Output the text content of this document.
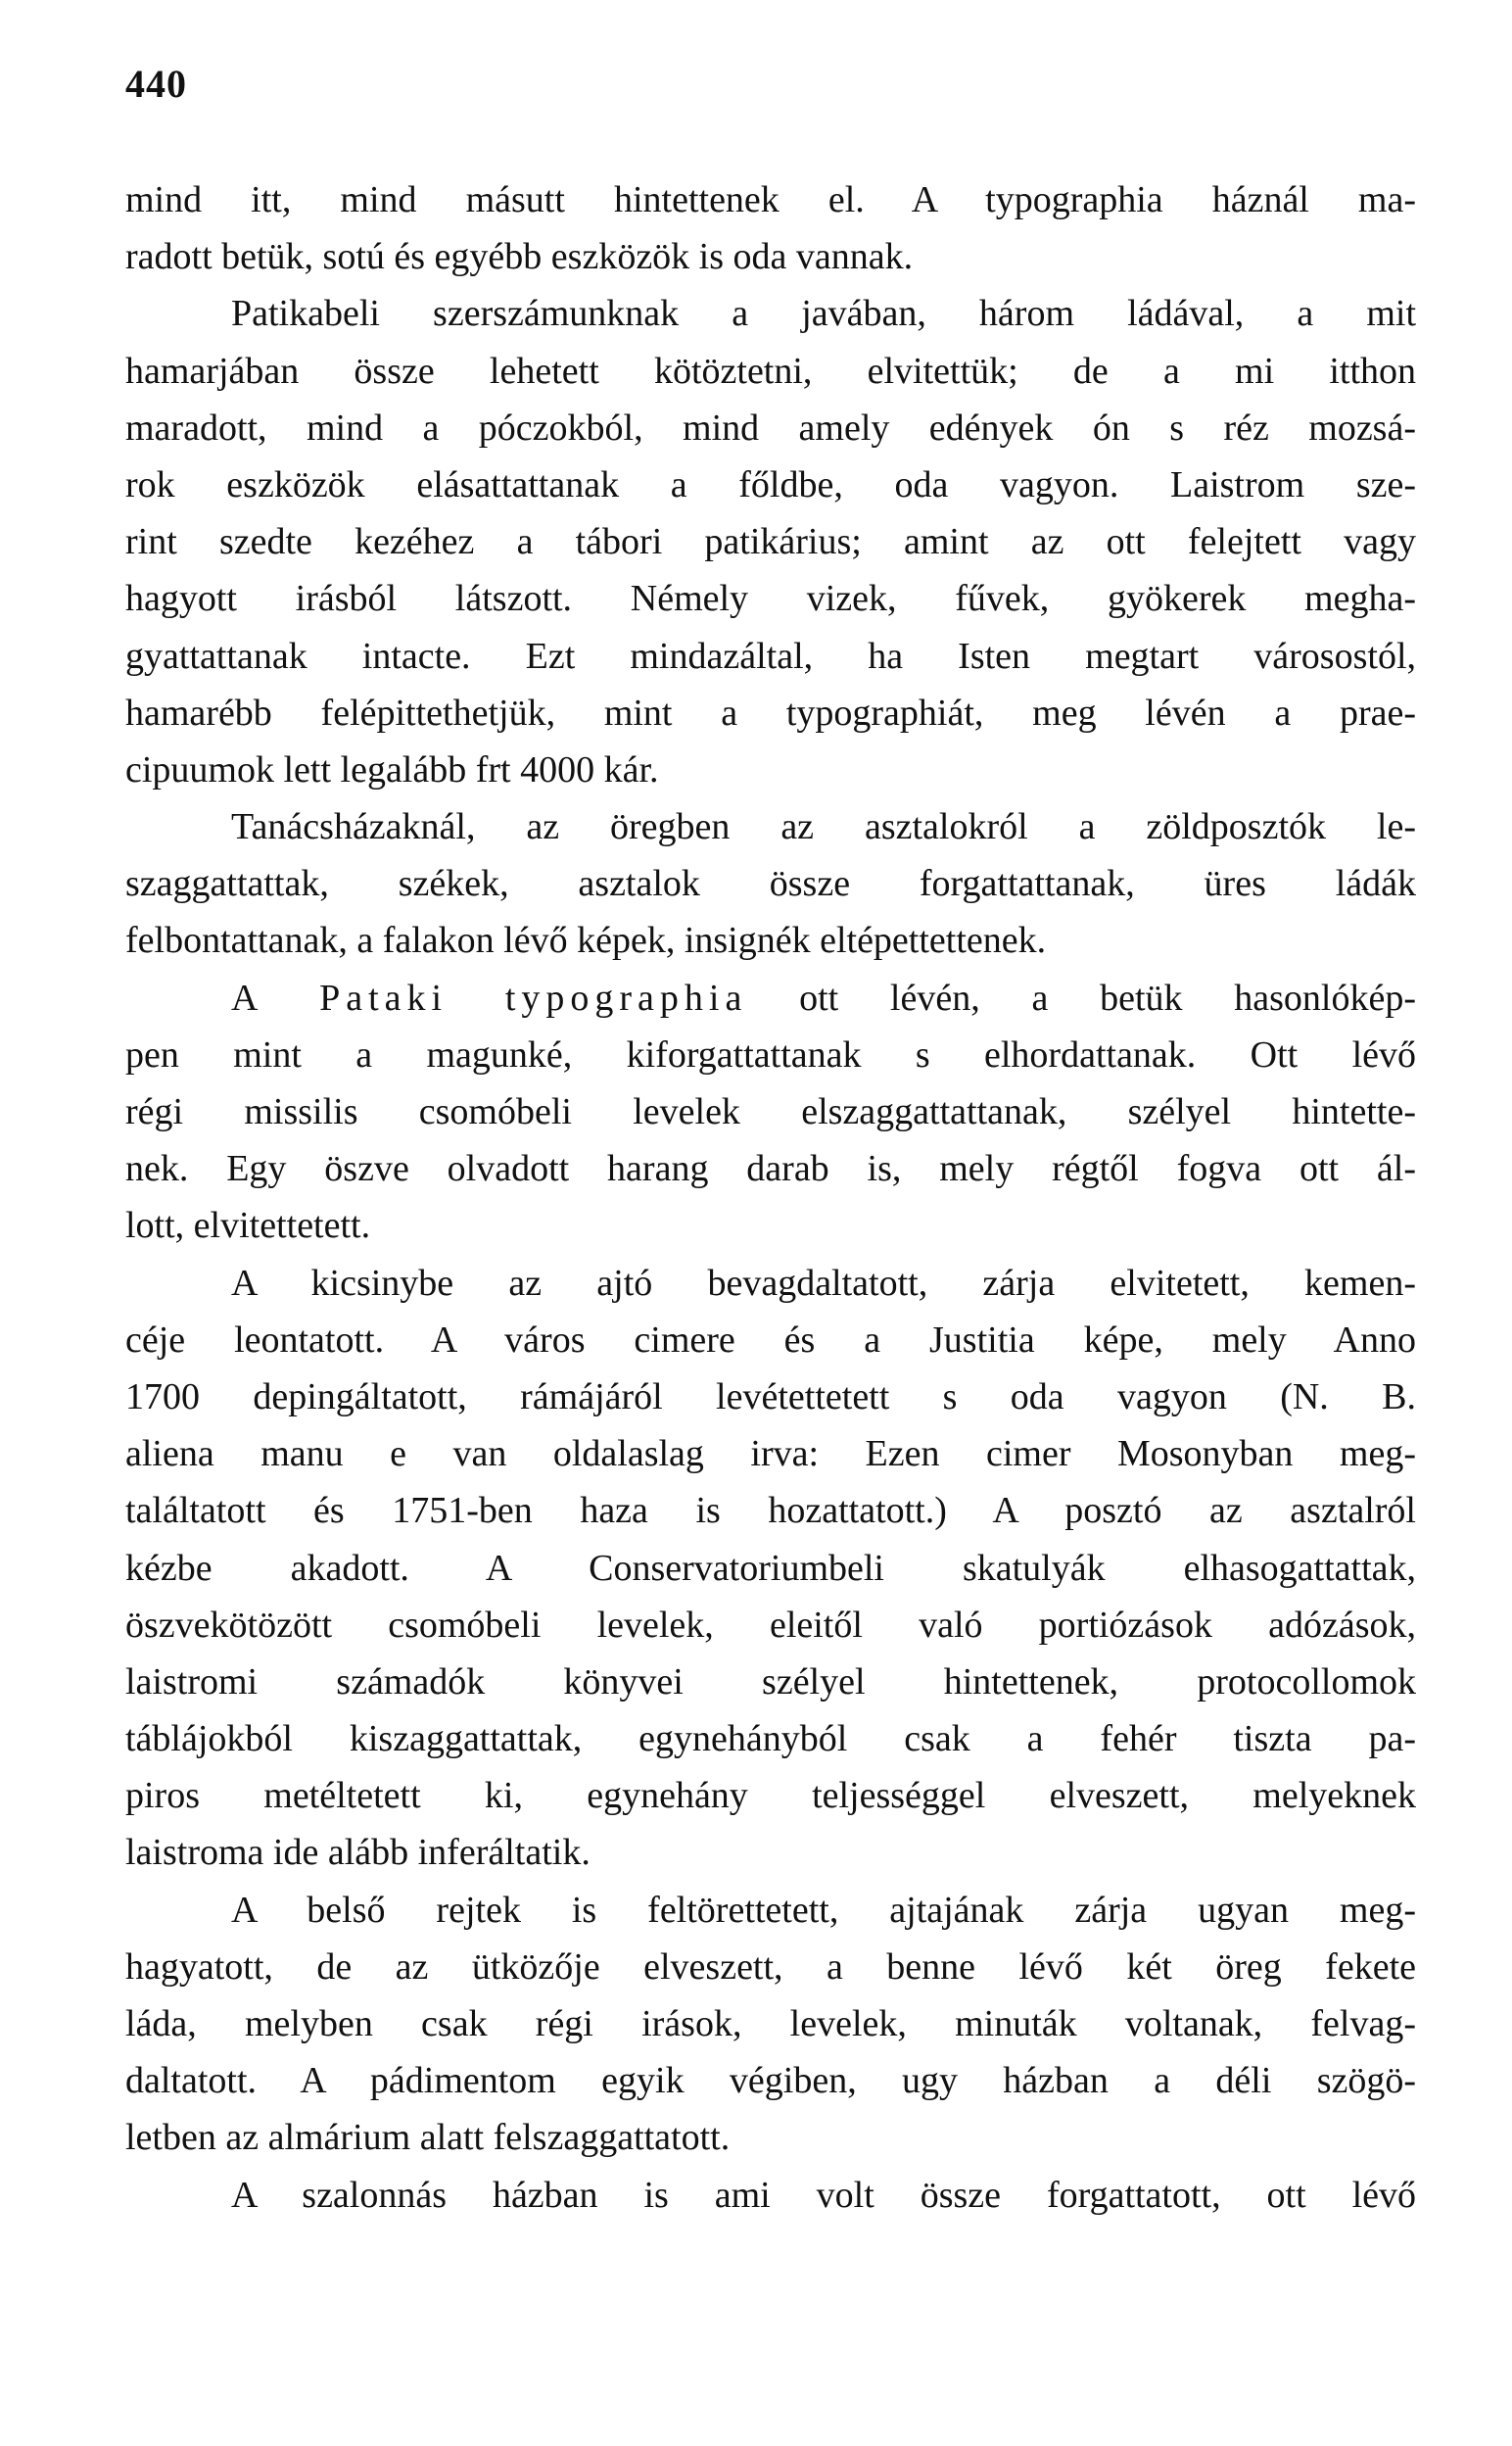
440
mind itt, mind másutt hintettenek el. A typographia háznál ma-
radott betük, sotú és egyébb eszközök is oda vannak.
Patikabeli szerszámunknak a javában, három ládával, a mit
hamarjában össze lehetett kötöztetni, elvitettük; de a mi itthon
maradott, mind a póczokból, mind amely edények ón s réz mozsá-
rok eszközök elásattattanak a főldbe, oda vagyon. Laistrom sze-
rint szedte kezéhez a tábori patikárius; amint az ott felejtett vagy
hagyott irásból látszott. Némely vizek, fűvek, gyökerek megha-
gyattattanak intacte. Ezt mindazáltal, ha Isten megtart városostól,
hamarébb felépittethetjük, mint a typographiát, meg lévén a prae-
cipuumok lett legalább frt 4000 kár.
Tanácsházaknál, az öregben az asztalokról a zöldposztók le-
szaggattattak, székek, asztalok össze forgattattanak, üres ládák
felbontattanak, a falakon lévő képek, insignék eltépettettenek.
A Pataki typographia ott lévén, a betük hasonlókép-
pen mint a magunké, kiforgattattanak s elhordattanak. Ott lévő
régi missilis csomóbeli levelek elszaggattattanak, szélyel hintette-
nek. Egy öszve olvadott harang darab is, mely régtől fogva ott ál-
lott, elvitettetett.
A kicsinybe az ajtó bevagdaltatott, zárja elvitetett, kemen-
céje leontatott. A város cimere és a Justitia képe, mely Anno
1700 depingáltatott, rámájáról levétettetett s oda vagyon (N. B.
aliena manu e van oldalaslag irva: Ezen cimer Mosonyban meg-
találtatott és 1751-ben haza is hozattatott.) A posztó az asztalról
kézbe akadott. A Conservatoriumbeli skatulyák elhasogattattak,
öszvekötözött csomóbeli levelek, eleitől való portiózások adózások,
laistromi számadók könyvei szélyel hintettenek, protocollomok
táblájokból kiszaggattattak, egynehányból csak a fehér tiszta pa-
piros metéltetett ki, egynehány teljességgel elveszett, melyeknek
laistroma ide alább inferáltatik.
A belső rejtek is feltörettetett, ajtajának zárja ugyan meg-
hagyatott, de az ütközője elveszett, a benne lévő két öreg fekete
láda, melyben csak régi irások, levelek, minuták voltanak, felvag-
daltatott. A pádimentom egyik végiben, ugy házban a déli szögö-
letben az almárium alatt felszaggattatott.
A szalonnás házban is ami volt össze forgattatott, ott lévő
